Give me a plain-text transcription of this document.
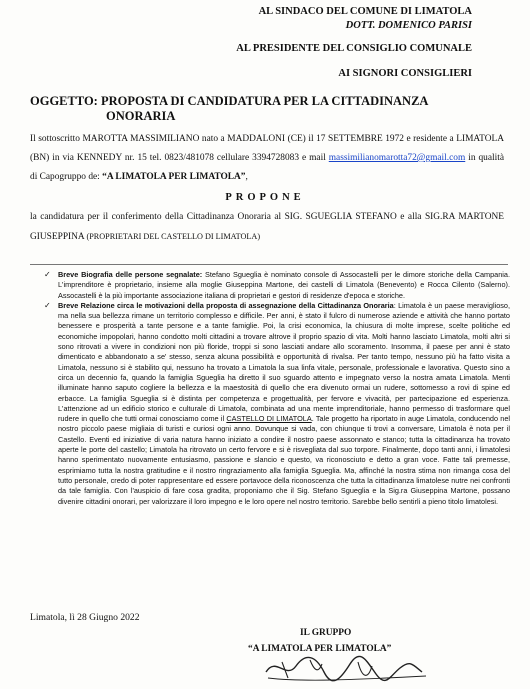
AL SINDACO DEL COMUNE DI LIMATOLA
DOTT. DOMENICO PARISI
AL PRESIDENTE DEL CONSIGLIO COMUNALE
AI SIGNORI CONSIGLIERI
OGGETTO: PROPOSTA DI CANDIDATURA PER LA CITTADINANZA
ONORARIA
Il sottoscritto MAROTTA MASSIMILIANO nato a MADDALONI (CE) il 17 SETTEMBRE 1972 e residente a LIMATOLA (BN) in via KENNEDY nr. 15 tel. 0823/481078 cellulare 3394728083 e mail massimilianomarotta72@gmail.com in qualità di Capogruppo de: “A LIMATOLA PER LIMATOLA”,
PROPONE
la candidatura per il conferimento della Cittadinanza Onoraria al SIG. SGUEGLIA STEFANO e alla SIG.RA MARTONE GIUSEPPINA (PROPRIETARI DEL CASTELLO DI LIMATOLA)

✓ Breve Biografia delle persone segnalate: Stefano Sgueglia è nominato console di Assocastelli per le dimore storiche della Campania. L'imprenditore è proprietario, insieme alla moglie Giuseppina Martone, dei castelli di Limatola (Benevento) e Rocca Cilento (Salerno). Assocastelli è la più importante associazione italiana di proprietari e gestori di residenze d'epoca e storiche.

✓ Breve Relazione circa le motivazioni della proposta di assegnazione della Cittadinanza Onoraria: Limatola è un paese meraviglioso, ma nella sua bellezza rimane un territorio complesso e difficile. Per anni, è stato il fulcro di numerose aziende e attività che hanno portato benessere e prosperità a tante persone e a tante famiglie. Poi, la crisi economica, la chiusura di molte imprese, scelte politiche ed economiche impopolari, hanno condotto molti cittadini a trovare altrove il proprio spazio di vita. Molti hanno lasciato Limatola, molti altri si sono ritrovati a vivere in condizioni non più floride, troppi si sono lasciati andare allo scoramento. Insomma, il paese per anni è stato dimenticato e abbandonato a se' stesso, senza alcuna possibilità e opportunità di rivalsa. Per tanto tempo, nessuno più ha fatto visita a Limatola, nessuno si è stabilito qui, nessuno ha trovato a Limatola la sua linfa vitale, personale, professionale e lavorativa. Questo sino a circa un decennio fa, quando la famiglia Sgueglia ha diretto il suo sguardo attento e impegnato verso la nostra amata Limatola. Menti illuminate hanno saputo cogliere la bellezza e la maestosità di quello che era divenuto ormai un rudere, sottomesso a rovi di spine ed erbacce. La famiglia Sgueglia si è distinta per competenza e progettualità, per fervore e vivacità, per partecipazione ed esperienza. L'attenzione ad un edificio storico e culturale di Limatola, combinata ad una mente imprenditoriale, hanno permesso di trasformare quel rudere in quello che tutti ormai conosciamo come il CASTELLO DI LIMATOLA. Tale progetto ha riportato in auge Limatola, conducendo nel nostro piccolo paese migliaia di turisti e curiosi ogni anno. Dovunque si vada, con chiunque ti trovi a conversare, Limatola è nota per il Castello. Eventi ed iniziative di varia natura hanno iniziato a condire il nostro paese assonnato e stanco; tutta la cittadinanza ha trovato aperte le porte del castello; Limatola ha ritrovato un certo fervore e si è risvegliata dal suo torpore. Finalmente, dopo tanti anni, i limatolesi hanno sperimentato nuovamente entusiasmo, passione e slancio e questo, va riconosciuto e detto a gran voce. Fatte tali premesse, esprimiamo tutta la nostra gratitudine e il nostro ringraziamento alla famiglia Sgueglia. Ma, affinché la nostra stima non rimanga cosa del tutto personale, credo di poter rappresentare ed essere portavoce della riconoscenza che tutta la cittadinanza limatolese nutre nei confronti da tale famiglia. Con l'auspicio di fare cosa gradita, proponiamo che il Sig. Stefano Sgueglia e la Sig.ra Giuseppina Martone, possano divenire cittadini onorari, per valorizzare il loro impegno e le loro opere nel nostro territorio. Sarebbe bello sentirli a pieno titolo limatolesi.

Limatola, lì 28 Giugno 2022
IL GRUPPO
“A LIMATOLA PER LIMATOLA”
